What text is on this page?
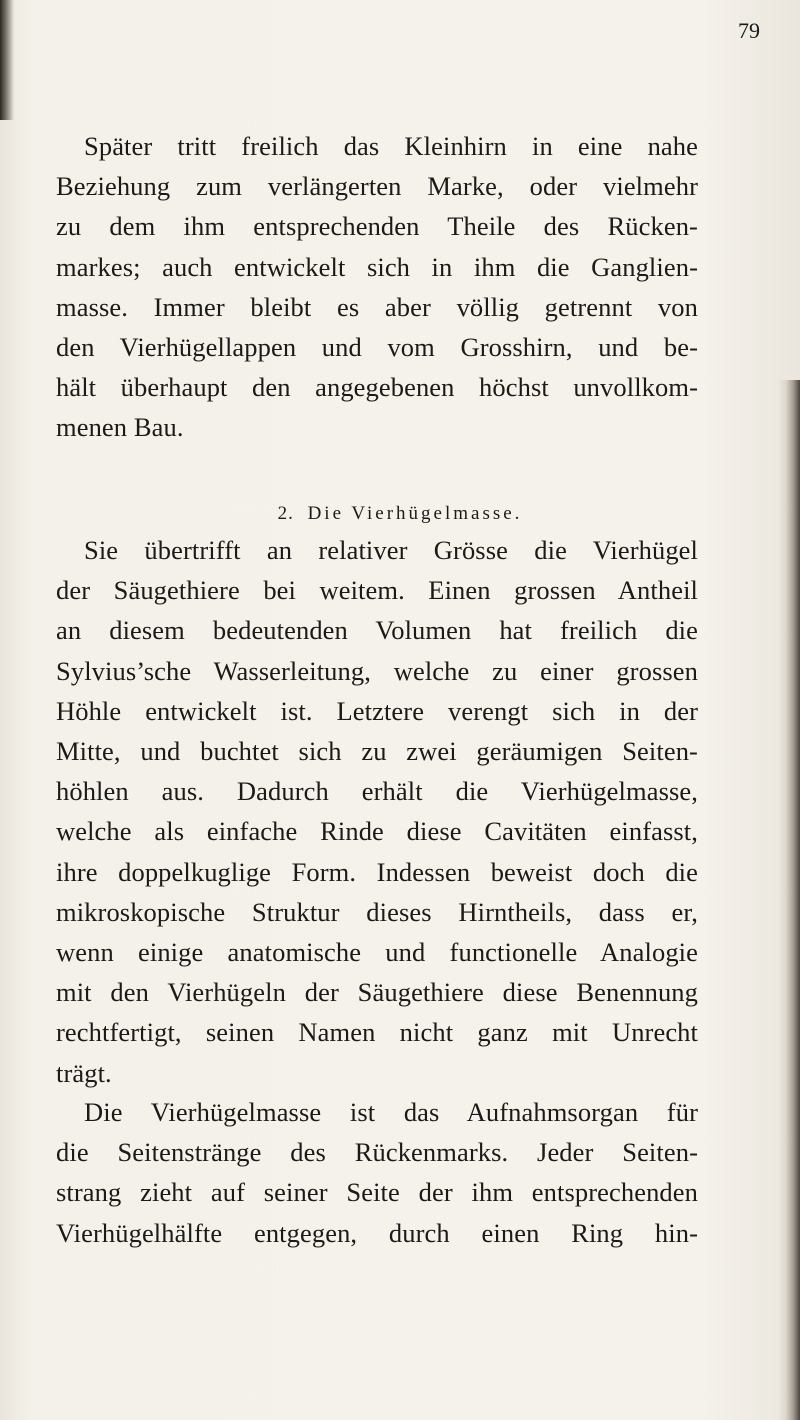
79
Später tritt freilich das Kleinhirn in eine nahe
Beziehung zum verlängerten Marke, oder vielmehr
zu dem ihm entsprechenden Theile des Rücken-
markes; auch entwickelt sich in ihm die Ganglien-
masse. Immer bleibt es aber völlig getrennt von
den Vierhügellappen und vom Grosshirn, und be-
hält überhaupt den angegebenen höchst unvollkom-
menen Bau.
2. Die Vierhügelmasse.
Sie übertrifft an relativer Grösse die Vierhügel
der Säugethiere bei weitem. Einen grossen Antheil
an diesem bedeutenden Volumen hat freilich die
Sylvius’sche Wasserleitung, welche zu einer grossen
Höhle entwickelt ist. Letztere verengt sich in der
Mitte, und buchtet sich zu zwei geräumigen Seiten-
höhlen aus. Dadurch erhält die Vierhügelmasse,
welche als einfache Rinde diese Cavitäten einfasst,
ihre doppelkuglige Form. Indessen beweist doch die
mikroskopische Struktur dieses Hirntheils, dass er,
wenn einige anatomische und functionelle Analogie
mit den Vierhügeln der Säugethiere diese Benennung
rechtfertigt, seinen Namen nicht ganz mit Unrecht
trägt.
Die Vierhügelmasse ist das Aufnahmsorgan für
die Seitenstränge des Rückenmarks. Jeder Seiten-
strang zieht auf seiner Seite der ihm entsprechenden
Vierhügelhälfte entgegen, durch einen Ring hin-
